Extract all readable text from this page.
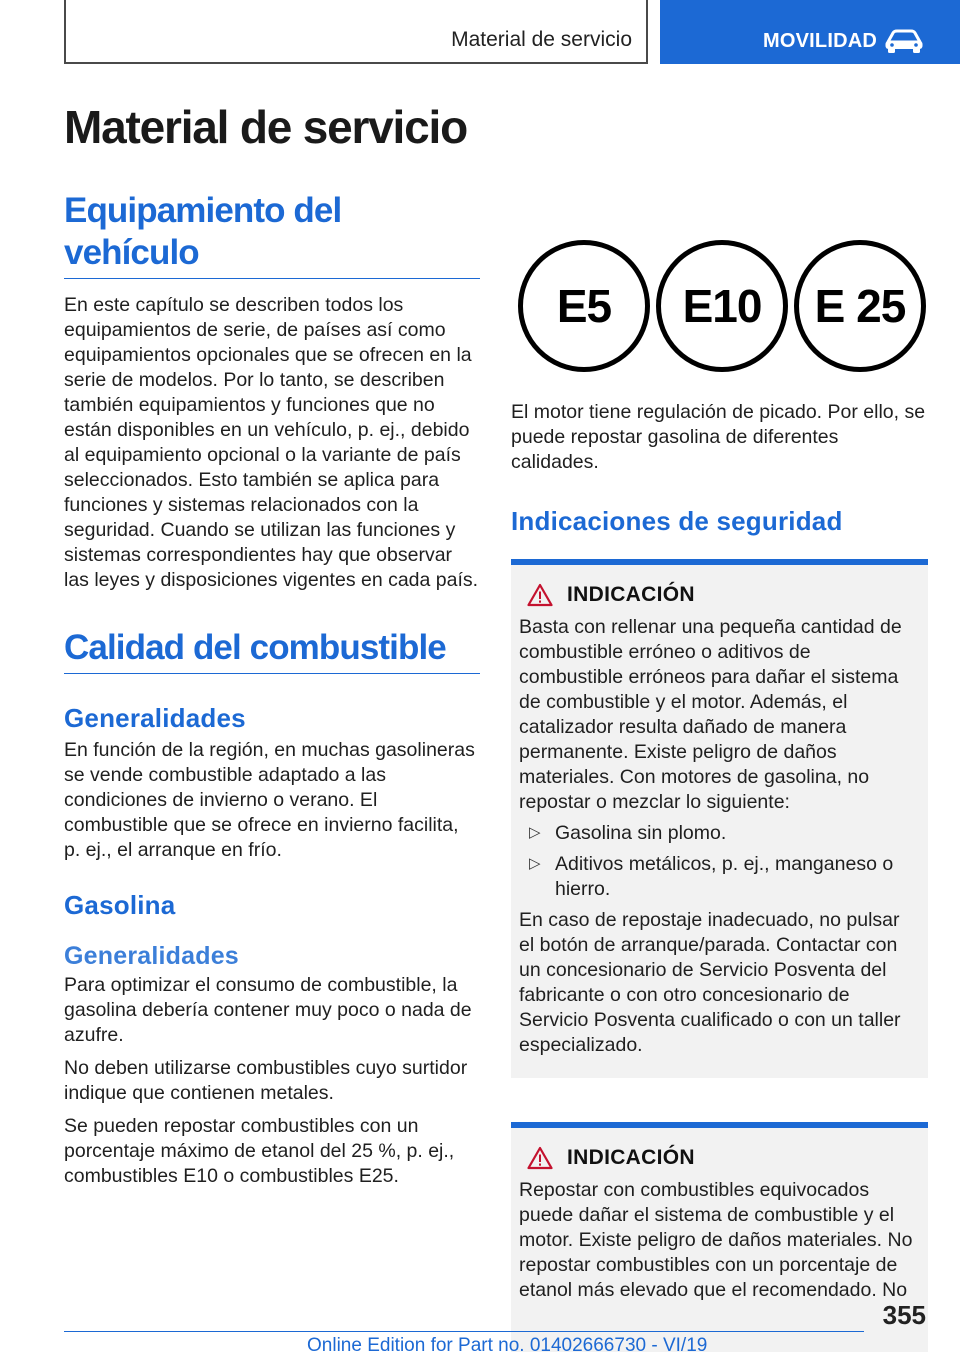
Material de servicio	MOVILIDAD
Material de servicio
Equipamiento del vehículo

En este capítulo se describen todos los equipamientos de serie, de países así como equipamientos opcionales que se ofrecen en la serie de modelos. Por lo tanto, se describen también equipamientos y funciones que no están disponibles en un vehículo, p. ej., debido al equipamiento opcional o la variante de país seleccionados. Esto también se aplica para funciones y sistemas relacionados con la seguridad. Cuando se utilizan las funciones y sistemas correspondientes hay que observar las leyes y disposiciones vigentes en cada país.

Calidad del combustible
Generalidades

En función de la región, en muchas gasolineras se vende combustible adaptado a las condiciones de invierno o verano. El combustible que se ofrece en invierno facilita, p. ej., el arranque en frío.

Gasolina
Generalidades

Para optimizar el consumo de combustible, la gasolina debería contener muy poco o nada de azufre.

No deben utilizarse combustibles cuyo surtidor indique que contienen metales.

Se pueden repostar combustibles con un porcentaje máximo de etanol del 25 %, p. ej., combustibles E10 o combustibles E25.

E5	E10	E 25

El motor tiene regulación de picado. Por ello, se puede repostar gasolina de diferentes calidades.

Indicaciones de seguridad
INDICACIÓN

Basta con rellenar una pequeña cantidad de combustible erróneo o aditivos de combustible erróneos para dañar el sistema de combustible y el motor. Además, el catalizador resulta dañado de manera permanente. Existe peligro de daños materiales. Con motores de gasolina, no repostar o mezclar lo siguiente:

▷ Gasolina sin plomo.

▷ Aditivos metálicos, p. ej., manganeso o hierro.

En caso de repostaje inadecuado, no pulsar el botón de arranque/parada. Contactar con un concesionario de Servicio Posventa del fabricante o con otro concesionario de Servicio Posventa cualificado o con un taller especializado.

INDICACIÓN

Repostar con combustibles equivocados puede dañar el sistema de combustible y el motor. Existe peligro de daños materiales. No repostar combustibles con un porcentaje de etanol más elevado que el recomendado. No

355
Online Edition for Part no. 01402666730 - VI/19
